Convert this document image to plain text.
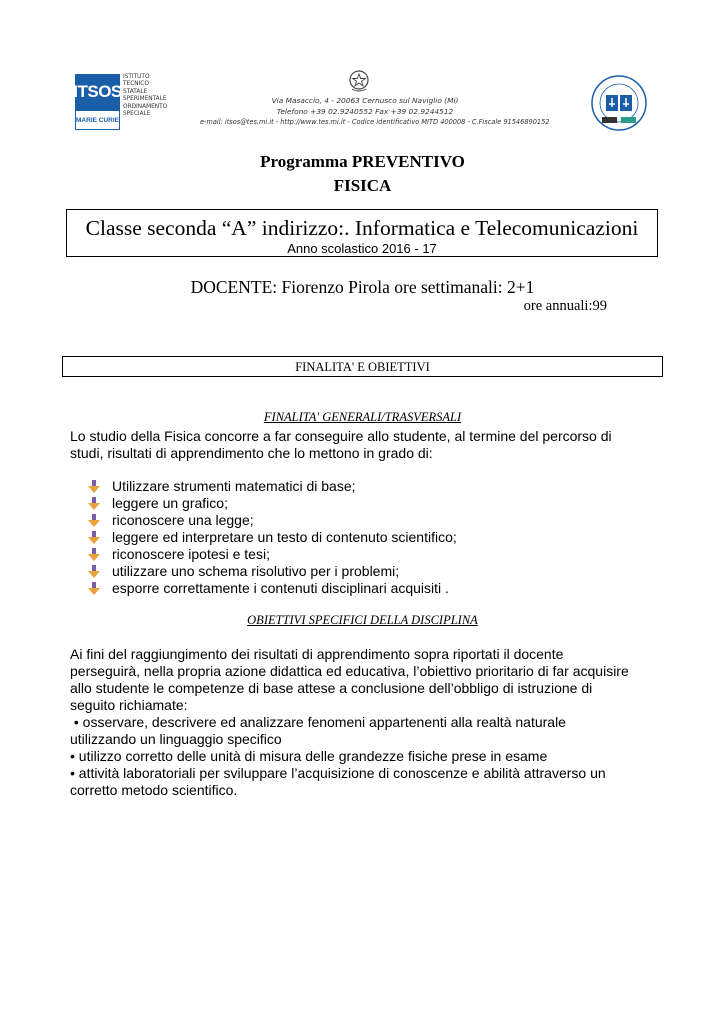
ITSOS
MARIE CURIE
ISTITUTO
TECNICO
STATALE
SPERIMENTALE
ORDINAMENTO
SPECIALE
Via Masaccio, 4 - 20063 Cernusco sul Naviglio (Mi)
Telefono +39 02.9240552 Fax +39 02.9244512
e-mail: itsos@tes.mi.it - http://www.tes.mi.it - Codice identificativo MITD 400008 - C.Fiscale 91546890152
Programma PREVENTIVO
FISICA
Classe seconda “A” indirizzo:. Informatica e Telecomunicazioni
Anno scolastico 2016 - 17
DOCENTE: Fiorenzo Pirola ore settimanali: 2+1
ore annuali:99
FINALITA' E OBIETTIVI
FINALITA' GENERALI/TRASVERSALI
Lo studio della Fisica concorre a far conseguire allo studente, al termine del percorso di
studi, risultati di apprendimento che lo mettono in grado di:
Utilizzare strumenti matematici di base;
leggere un grafico;
riconoscere una legge;
leggere ed interpretare un testo di contenuto scientifico;
riconoscere ipotesi e tesi;
utilizzare uno schema risolutivo per i problemi;
esporre correttamente i contenuti disciplinari acquisiti .
OBIETTIVI SPECIFICI DELLA DISCIPLINA
Ai fini del raggiungimento dei risultati di apprendimento sopra riportati il docente
perseguirà, nella propria azione didattica ed educativa, l’obiettivo prioritario di far acquisire
allo studente le competenze di base attese a conclusione dell’obbligo di istruzione di
seguito richiamate:
• osservare, descrivere ed analizzare fenomeni appartenenti alla realtà naturale
utilizzando un linguaggio specifico
• utilizzo corretto delle unità di misura delle grandezze fisiche prese in esame
• attività laboratoriali per sviluppare l’acquisizione di conoscenze e abilità attraverso un
corretto metodo scientifico.
